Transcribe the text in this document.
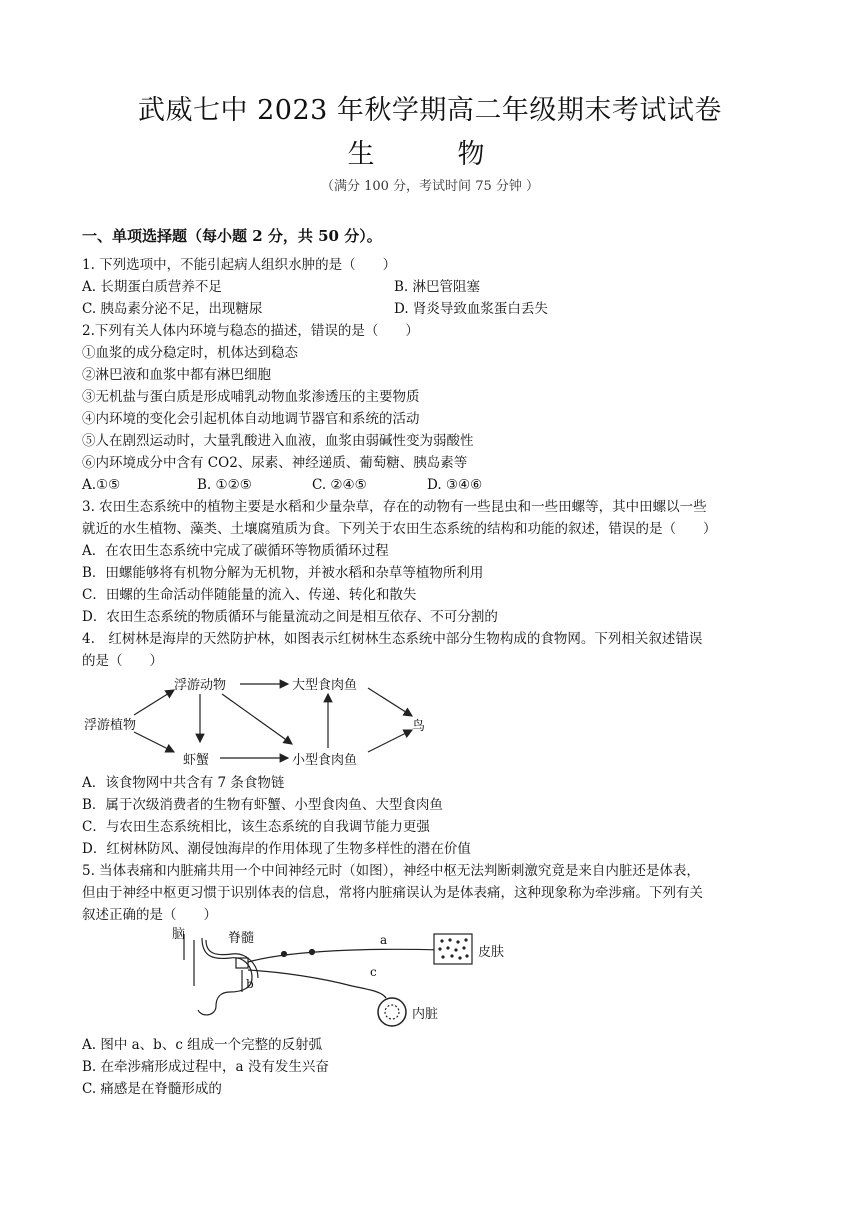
武威七中 2023 年秋学期高二年级期末考试试卷
生　物
（满分 100 分，考试时间 75 分钟 ）
一、单项选择题（每小题 2 分，共 50 分）。
1. 下列选项中，不能引起病人组织水肿的是（　　）
A. 长期蛋白质营养不足	B. 淋巴管阻塞
C. 胰岛素分泌不足，出现糖尿	D. 肾炎导致血浆蛋白丢失
2.下列有关人体内环境与稳态的描述，错误的是（　　）
①血浆的成分稳定时，机体达到稳态
②淋巴液和血浆中都有淋巴细胞
③无机盐与蛋白质是形成哺乳动物血浆渗透压的主要物质
④内环境的变化会引起机体自动地调节器官和系统的活动
⑤人在剧烈运动时，大量乳酸进入血液，血浆由弱碱性变为弱酸性
⑥内环境成分中含有 CO2、尿素、神经递质、葡萄糖、胰岛素等
A.①⑤	B. ①②⑤	C. ②④⑤	D. ③④⑥
3. 农田生态系统中的植物主要是水稻和少量杂草，存在的动物有一些昆虫和一些田螺等，其中田螺以一些
就近的水生植物、藻类、土壤腐殖质为食。下列关于农田生态系统的结构和功能的叙述，错误的是（　　）
A．在农田生态系统中完成了碳循环等物质循环过程
B．田螺能够将有机物分解为无机物，并被水稻和杂草等植物所利用
C．田螺的生命活动伴随能量的流入、传递、转化和散失
D．农田生态系统的物质循环与能量流动之间是相互依存、不可分割的
4.　红树林是海岸的天然防护林，如图表示红树林生态系统中部分生物构成的食物网。下列相关叙述错误
的是（　　）
浮游植物
浮游动物
虾蟹	小型食肉鱼
大型食肉鱼
鸟
A．该食物网中共含有 7 条食物链
B．属于次级消费者的生物有虾蟹、小型食肉鱼、大型食肉鱼
C．与农田生态系统相比，该生态系统的自我调节能力更强
D．红树林防风、潮侵蚀海岸的作用体现了生物多样性的潜在价值
5. 当体表痛和内脏痛共用一个中间神经元时（如图），神经中枢无法判断刺激究竟是来自内脏还是体表，
但由于神经中枢更习惯于识别体表的信息，常将内脏痛误认为是体表痛，这种现象称为牵涉痛。下列有关
叙述正确的是（　　）
脑	脊髓
皮肤
内脏
a
b
c
A. 图中 a、b、c 组成一个完整的反射弧
B. 在牵涉痛形成过程中，a 没有发生兴奋
C. 痛感是在脊髓形成的
